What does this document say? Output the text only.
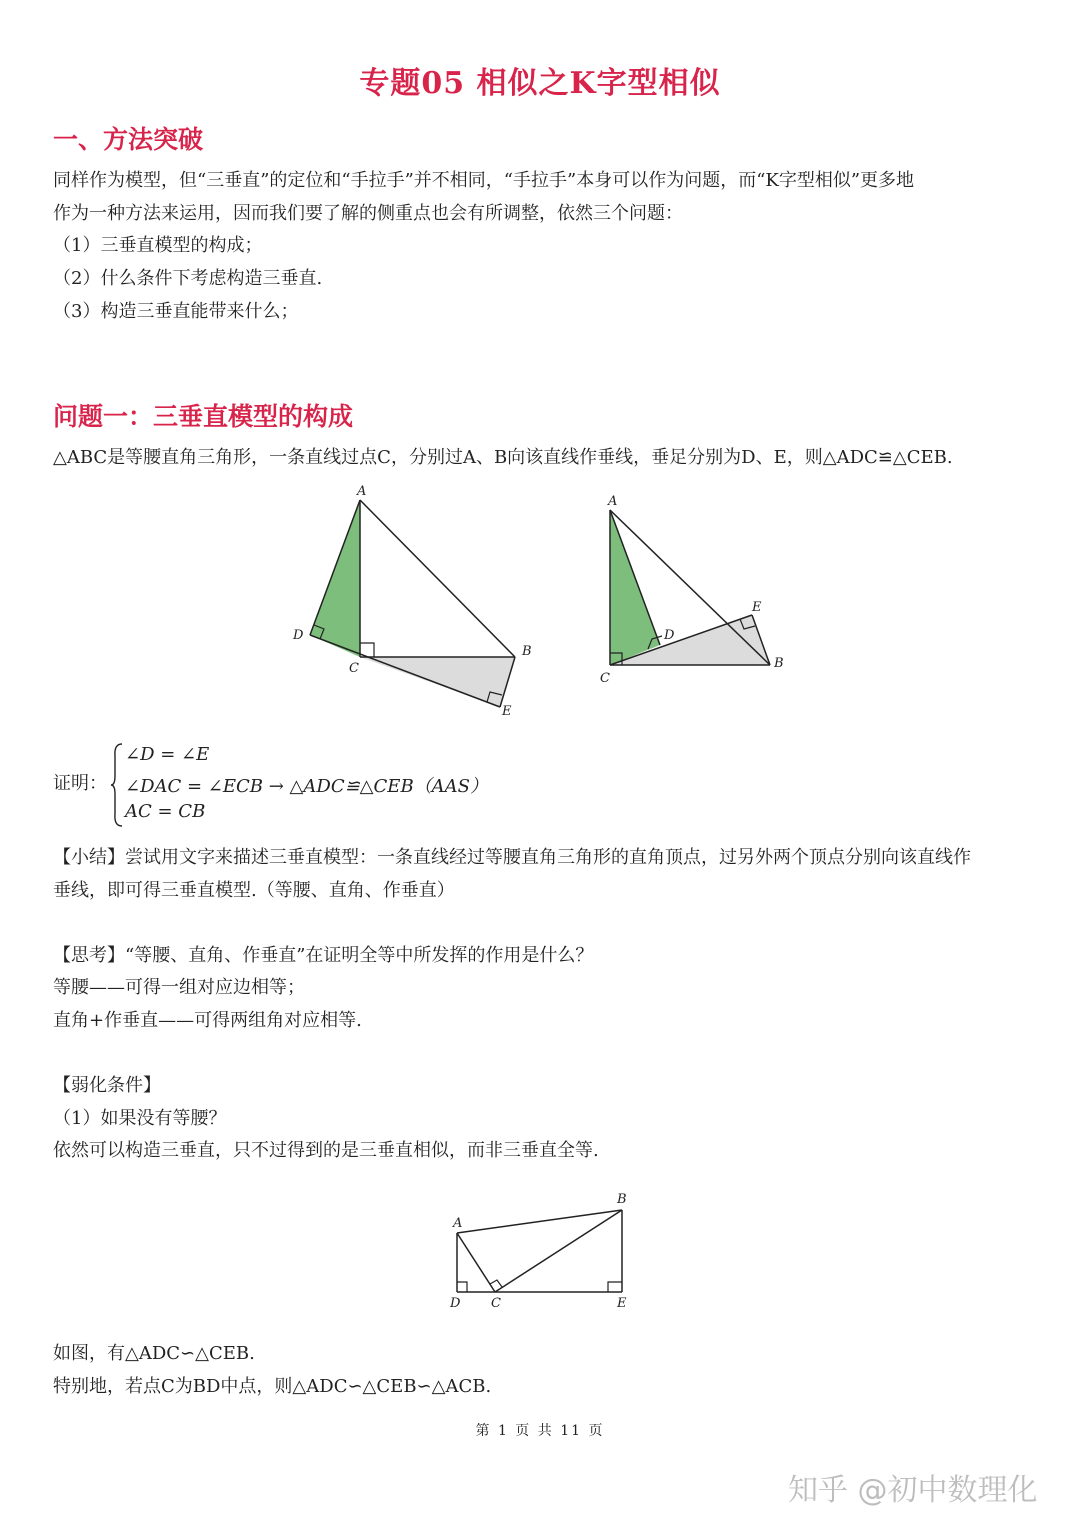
专题05 相似之K字型相似
一、方法突破
同样作为模型，但“三垂直”的定位和“手拉手”并不相同，“手拉手”本身可以作为问题，而“K字型相似”更多地
作为一种方法来运用，因而我们要了解的侧重点也会有所调整，依然三个问题：
（1）三垂直模型的构成；
（2）什么条件下考虑构造三垂直.
（3）构造三垂直能带来什么；
问题一：三垂直模型的构成
△ABC是等腰直角三角形，一条直线过点C，分别过A、B向该直线作垂线，垂足分别为D、E，则△ADC≌△CEB.
A
B
C
D
E
A
B
C
D
E
证明：
∠D = ∠E
∠DAC = ∠ECB → △ADC≌△CEB（AAS）
AC = CB
【小结】尝试用文字来描述三垂直模型：一条直线经过等腰直角三角形的直角顶点，过另外两个顶点分别向该直线作
垂线，即可得三垂直模型.（等腰、直角、作垂直）
【思考】“等腰、直角、作垂直”在证明全等中所发挥的作用是什么？
等腰——可得一组对应边相等；
直角+作垂直——可得两组角对应相等.
【弱化条件】
（1）如果没有等腰？
依然可以构造三垂直，只不过得到的是三垂直相似，而非三垂直全等.
A
B
C
D	E
如图，有△ADC∽△CEB.
特别地，若点C为BD中点，则△ADC∽△CEB∽△ACB.
第 1 页 共 11 页
知乎 @初中数理化
